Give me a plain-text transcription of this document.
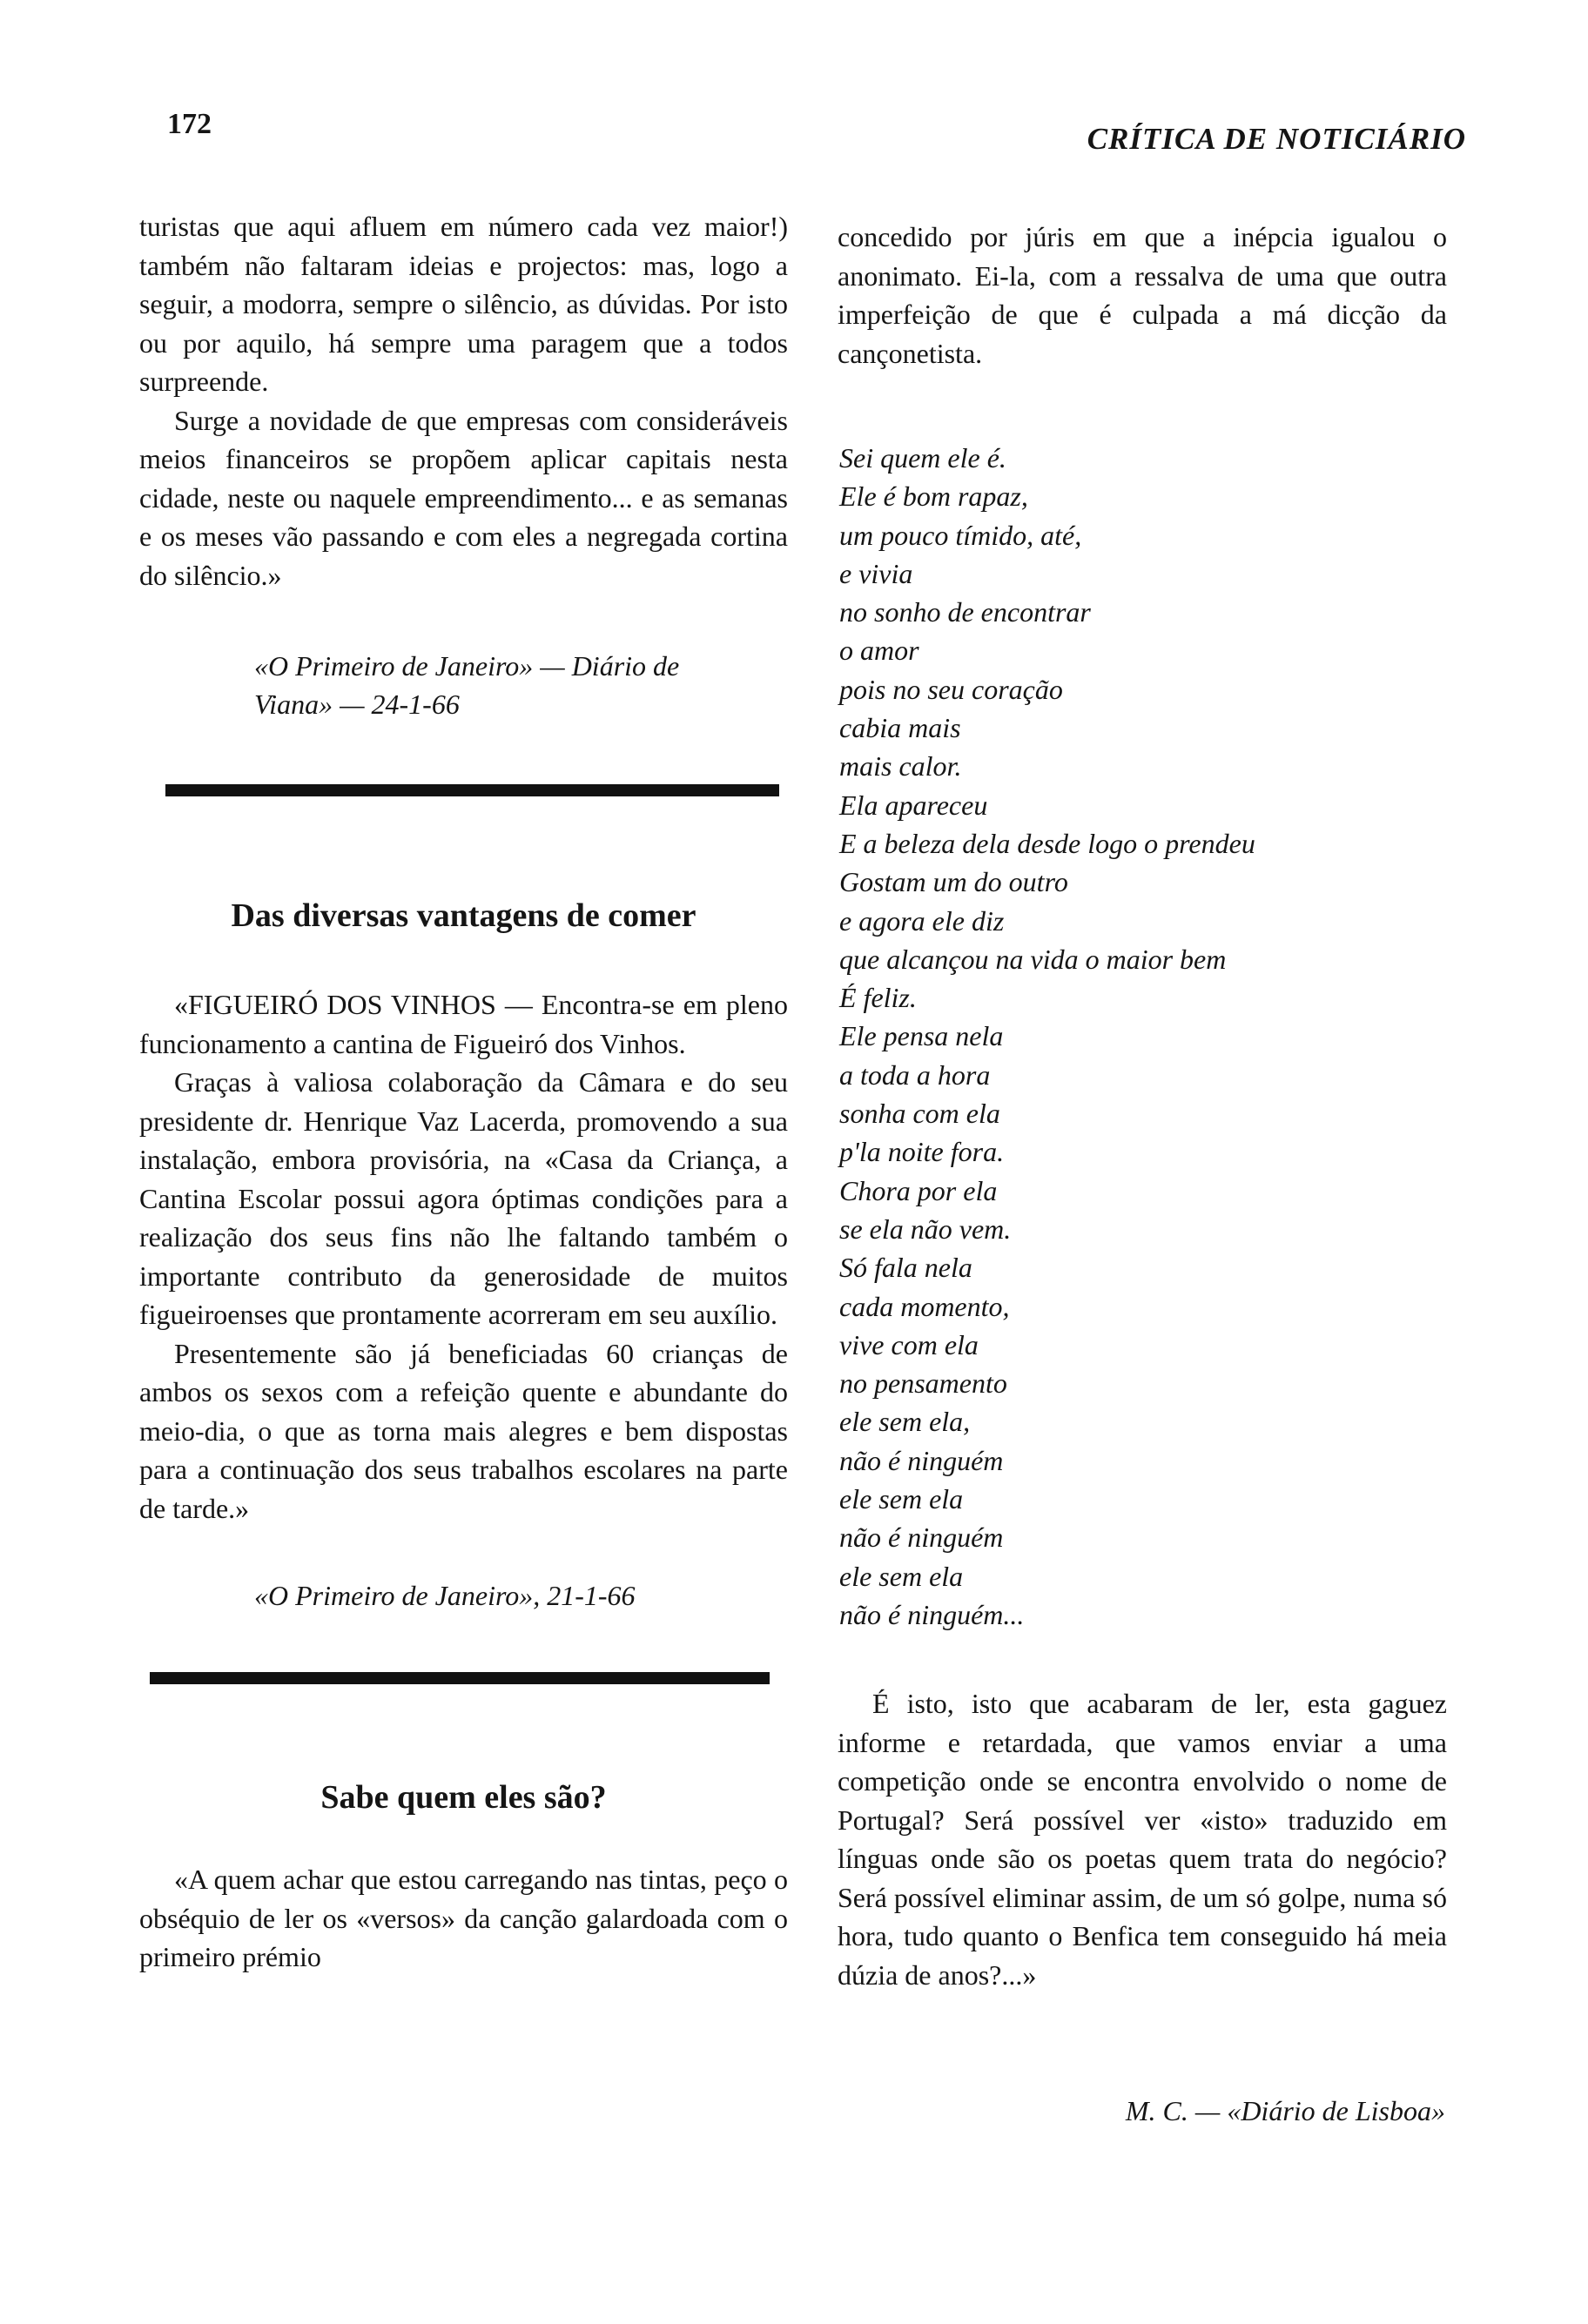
172	CRÍTICA DE NOTICIÁRIO

turistas que aqui afluem em número cada vez maior!) também não faltaram ideias e projectos: mas, logo a seguir, a modorra, sempre o silêncio, as dúvidas. Por isto ou por aquilo, há sempre uma paragem que a todos surpreende.

Surge a novidade de que empresas com consideráveis meios financeiros se propõem aplicar capitais nesta cidade, neste ou naquele empreendimento... e as semanas e os meses vão passando e com eles a negregada cortina do silêncio.»

«O Primeiro de Janeiro» — Diário de Viana» — 24-1-66

Das diversas vantagens de comer

«FIGUEIRÓ DOS VINHOS — Encontra-se em pleno funcionamento a cantina de Figueiró dos Vinhos.

Graças à valiosa colaboração da Câmara e do seu presidente dr. Henrique Vaz Lacerda, promovendo a sua instalação, embora provisória, na «Casa da Criança, a Cantina Escolar possui agora óptimas condições para a realização dos seus fins não lhe faltando também o importante contributo da generosidade de muitos figueiroenses que prontamente acorreram em seu auxílio.

Presentemente são já beneficiadas 60 crianças de ambos os sexos com a refeição quente e abundante do meio-dia, o que as torna mais alegres e bem dispostas para a continuação dos seus trabalhos escolares na parte de tarde.»

«O Primeiro de Janeiro», 21-1-66

Sabe quem eles são?

«A quem achar que estou carregando nas tintas, peço o obséquio de ler os «versos» da canção galardoada com o primeiro prémio

concedido por júris em que a inépcia igualou o anonimato. Ei-la, com a ressalva de uma que outra imperfeição de que é culpada a má dicção da cançonetista.

Sei quem ele é.
Ele é bom rapaz,
um pouco tímido, até,
e vivia
no sonho de encontrar
o amor
pois no seu coração
cabia mais
mais calor.
Ela apareceu
E a beleza dela desde logo o prendeu
Gostam um do outro
e agora ele diz
que alcançou na vida o maior bem
É feliz.
Ele pensa nela
a toda a hora
sonha com ela
p'la noite fora.
Chora por ela
se ela não vem.
Só fala nela
cada momento,
vive com ela
no pensamento
ele sem ela,
não é ninguém
ele sem ela
não é ninguém
ele sem ela
não é ninguém...

É isto, isto que acabaram de ler, esta gaguez informe e retardada, que vamos enviar a uma competição onde se encontra envolvido o nome de Portugal? Será possível ver «isto» traduzido em línguas onde são os poetas quem trata do negócio? Será possível eliminar assim, de um só golpe, numa só hora, tudo quanto o Benfica tem conseguido há meia dúzia de anos?...»

M. C. — «Diário de Lisboa»
